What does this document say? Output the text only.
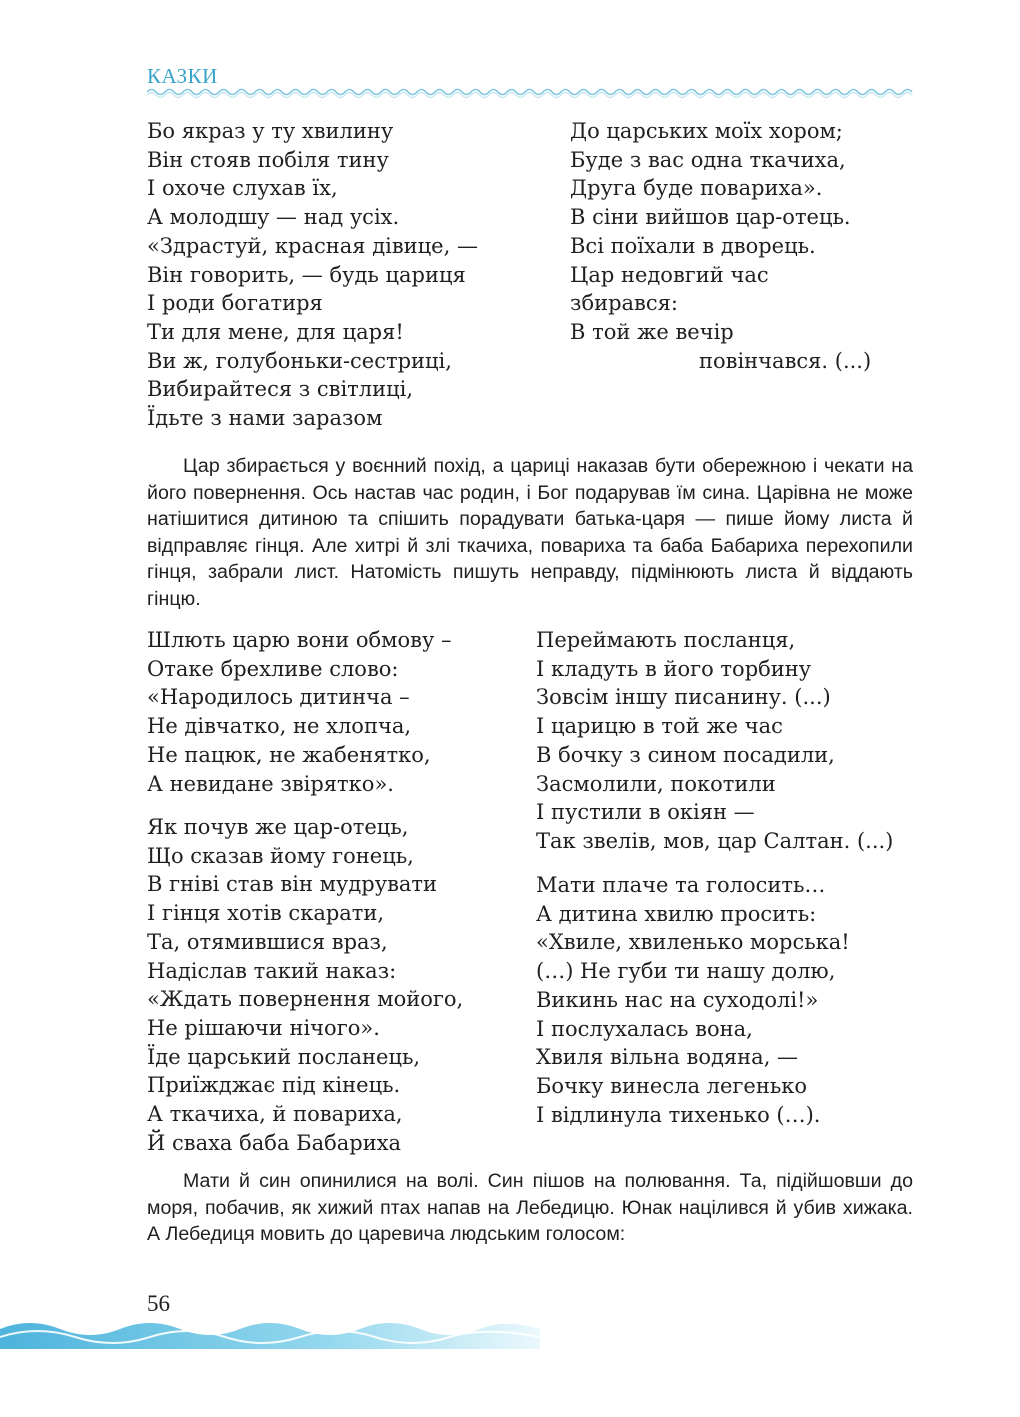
КАЗКИ
Бо якраз у ту хвилину
Він стояв побіля тину
І охоче слухав їх,
А молодшу — над усіх.
«Здрастуй, красная дівице, —
Він говорить, — будь цариця
І роди богатиря
Ти для мене, для царя!
Ви ж, голубоньки-сестриці,
Вибирайтеся з світлиці,
Їдьте з нами заразом
До царських моїх хором;
Буде з вас одна ткачиха,
Друга буде повариха».
В сіни вийшов цар-отець.
Всі поїхали в дворець.
Цар недовгий час
збирався:
В той же вечір
повінчався. (...)

Цар збирається у воєнний похід, а цариці наказав бути обережною і чекати на його повернення. Ось настав час родин, і Бог подарував їм сина. Царівна не може натішитися дитиною та спішить порадувати батька-царя — пише йому листа й відправляє гінця. Але хитрі й злі ткачиха, повариха та баба Бабариха перехопили гінця, забрали лист. Натомість пишуть неправду, підмінюють листа й віддають гінцю.

Шлють царю вони обмову –
Отаке брехливе слово:
«Народилось дитинча –
Не дівчатко, не хлопча,
Не пацюк, не жабенятко,
А невидане звірятко».
Як почув же цар-отець,
Що сказав йому гонець,
В гніві став він мудрувати
І гінця хотів скарати,
Та, отямившися враз,
Надіслав такий наказ:
«Ждать повернення мойого,
Не рішаючи нічого».
Їде царський посланець,
Приїжджає під кінець.
А ткачиха, й повариха,
Й сваха баба Бабариха
Переймають посланця,
І кладуть в його торбину
Зовсім іншу писанину. (...)
І царицю в той же час
В бочку з сином посадили,
Засмолили, покотили
І пустили в окіян —
Так звелів, мов, цар Салтан. (...)
Мати плаче та голосить…
А дитина хвилю просить:
«Хвиле, хвиленько морська!
(…) Не губи ти нашу долю,
Викинь нас на суходолі!»
І послухалась вона,
Хвиля вільна водяна, —
Бочку винесла легенько
І відлинула тихенько (…).

Мати й син опинилися на волі. Син пішов на полювання. Та, підійшовши до моря, побачив, як хижий птах напав на Лебедицю. Юнак націлився й убив хижака. А Лебедиця мовить до царевича людським голосом:

56
